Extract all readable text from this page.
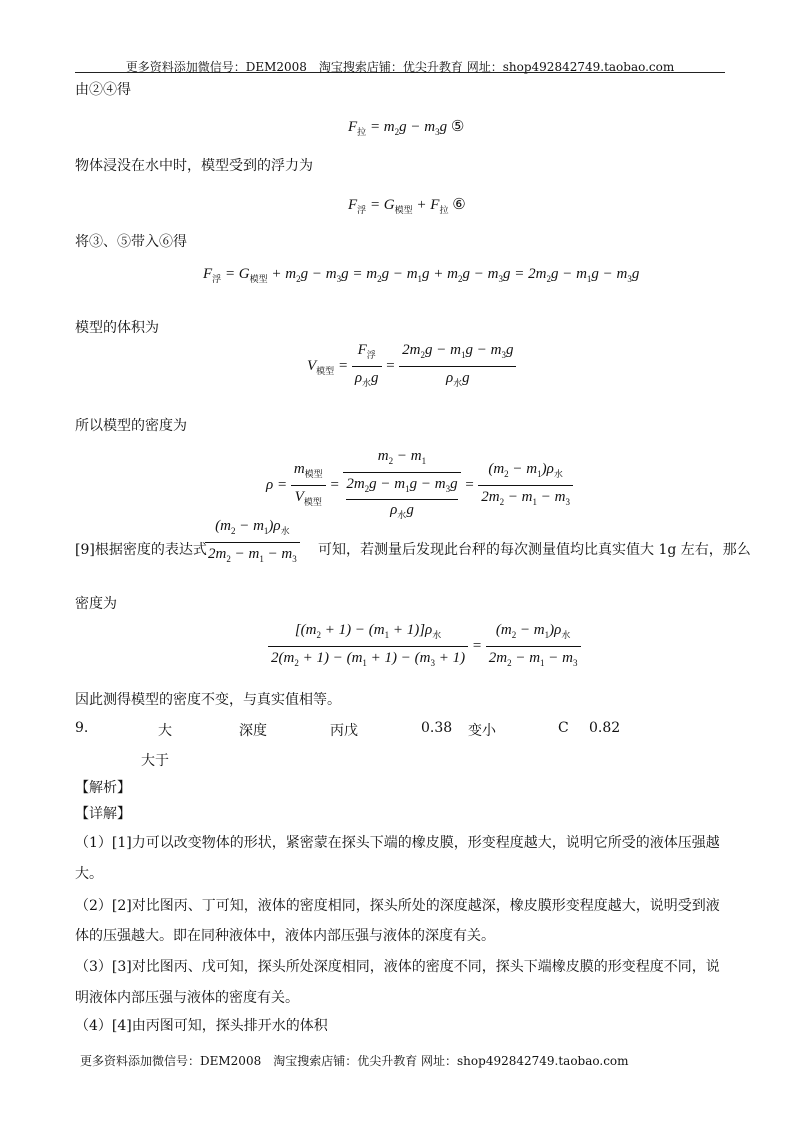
更多资料添加微信号：DEM2008　淘宝搜索店铺：优尖升教育 网址：shop492842749.taobao.com
由②④得
$F_拉 = m_2g - m_3g$ ⑤
物体浸没在水中时，模型受到的浮力为
$F_浮 = G_{模型} + F_拉$ ⑥
将③、⑤带入⑥得
$F_浮 = G_{模型} + m_2g - m_3g = m_2g - m_1g + m_2g - m_3g = 2m_2g - m_1g - m_3g$
模型的体积为
$V_{模型} = \frac{F_浮}{\rho_水g} = \frac{2m_2g - m_1g - m_3g}{\rho_水g}$
所以模型的密度为
$\rho = \frac{m_{模型}}{V_{模型}} = m_2 - m_1$
$2m_2g - m_1g - m_3g$
$\rho_水g = \frac{(m_2 - m_1)\rho_水}{2m_2 - m_1 - m_3}$
[9]根据密度的表达式
$\frac{(m_2 - m_1)\rho_水}{2m_2 - m_1 - m_3}$ 可知，若测量后发现此台秤的每次测量值均比真实值大 1g 左右，那么
密度为
$\frac{[(m_2 + 1) - (m_1 + 1)]\rho_水}{2(m_2 + 1) - (m_1 + 1) - (m_3 + 1)} = \frac{(m_2 - m_1)\rho_水}{2m_2 - m_1 - m_3}$
因此测得模型的密度不变，与真实值相等。
9.	大	深度	丙戊	0.38 变小	C 0.82
大于
【解析】
【详解】
（1）[1]力可以改变物体的形状，紧密蒙在探头下端的橡皮膜，形变程度越大，说明它所受的液体压强越
大。
（2）[2]对比图丙、丁可知，液体的密度相同，探头所处的深度越深，橡皮膜形变程度越大，说明受到液
体的压强越大。即在同种液体中，液体内部压强与液体的深度有关。
（3）[3]对比图丙、戊可知，探头所处深度相同，液体的密度不同，探头下端橡皮膜的形变程度不同，说
明液体内部压强与液体的密度有关。
（4）[4]由丙图可知，探头排开水的体积
更多资料添加微信号：DEM2008　淘宝搜索店铺：优尖升教育 网址：shop492842749.taobao.com
